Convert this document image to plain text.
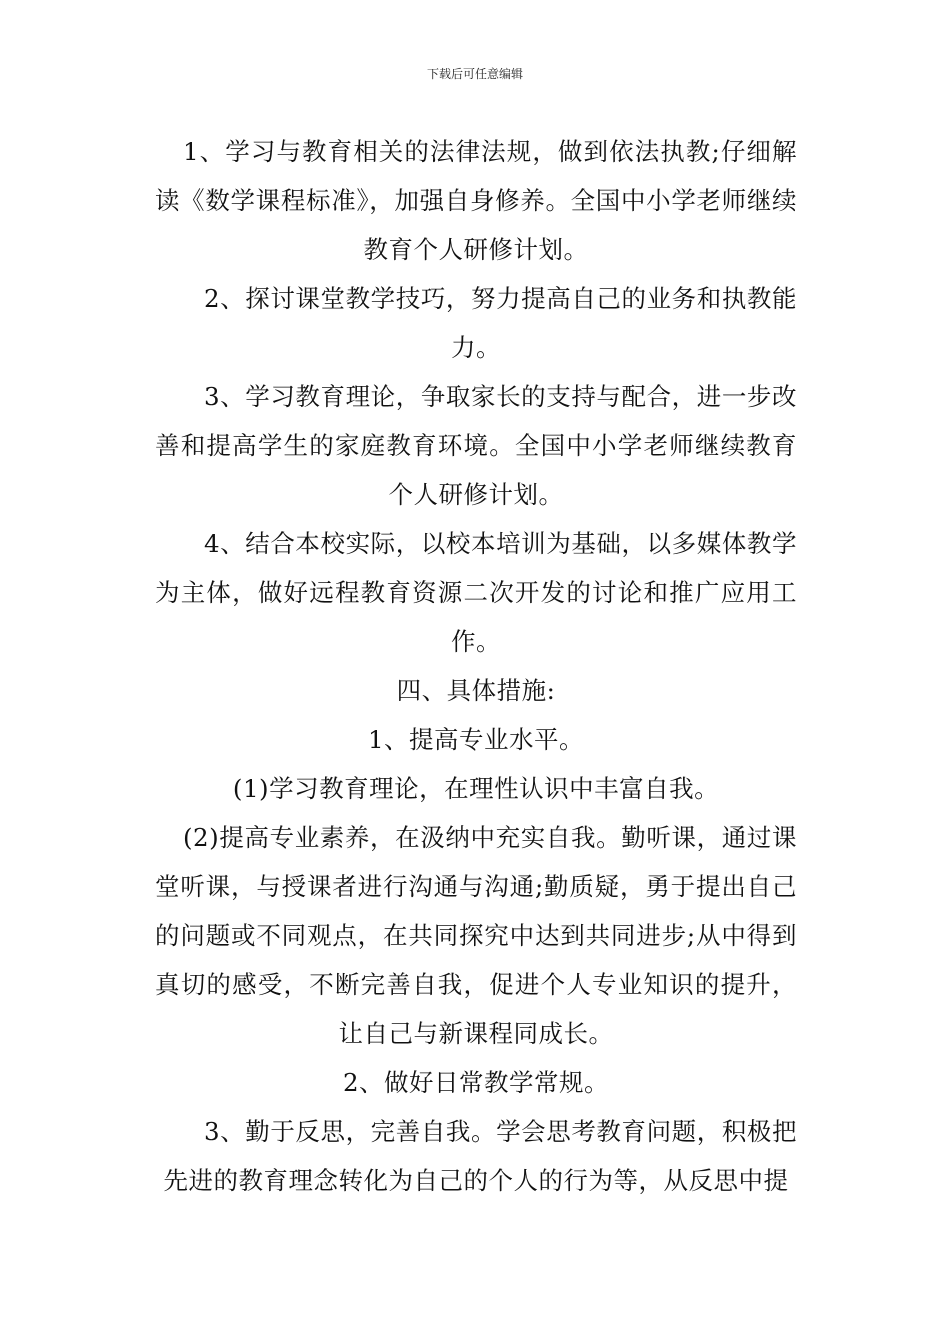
下载后可任意编辑

1、学习与教育相关的法律法规，做到依法执教;仔细解读《数学课程标准》，加强自身修养。全国中小学老师继续教育个人研修计划。

2、探讨课堂教学技巧，努力提高自己的业务和执教能力。

3、学习教育理论，争取家长的支持与配合，进一步改善和提高学生的家庭教育环境。全国中小学老师继续教育个人研修计划。

4、结合本校实际，以校本培训为基础，以多媒体教学为主体，做好远程教育资源二次开发的讨论和推广应用工作。

四、具体措施:

1、提高专业水平。

(1)学习教育理论，在理性认识中丰富自我。

(2)提高专业素养，在汲纳中充实自我。勤听课，通过课堂听课，与授课者进行沟通与沟通;勤质疑，勇于提出自己的问题或不同观点，在共同探究中达到共同进步;从中得到真切的感受，不断完善自我，促进个人专业知识的提升，让自己与新课程同成长。

2、做好日常教学常规。

3、勤于反思，完善自我。学会思考教育问题，积极把先进的教育理念转化为自己的个人的行为等，从反思中提
